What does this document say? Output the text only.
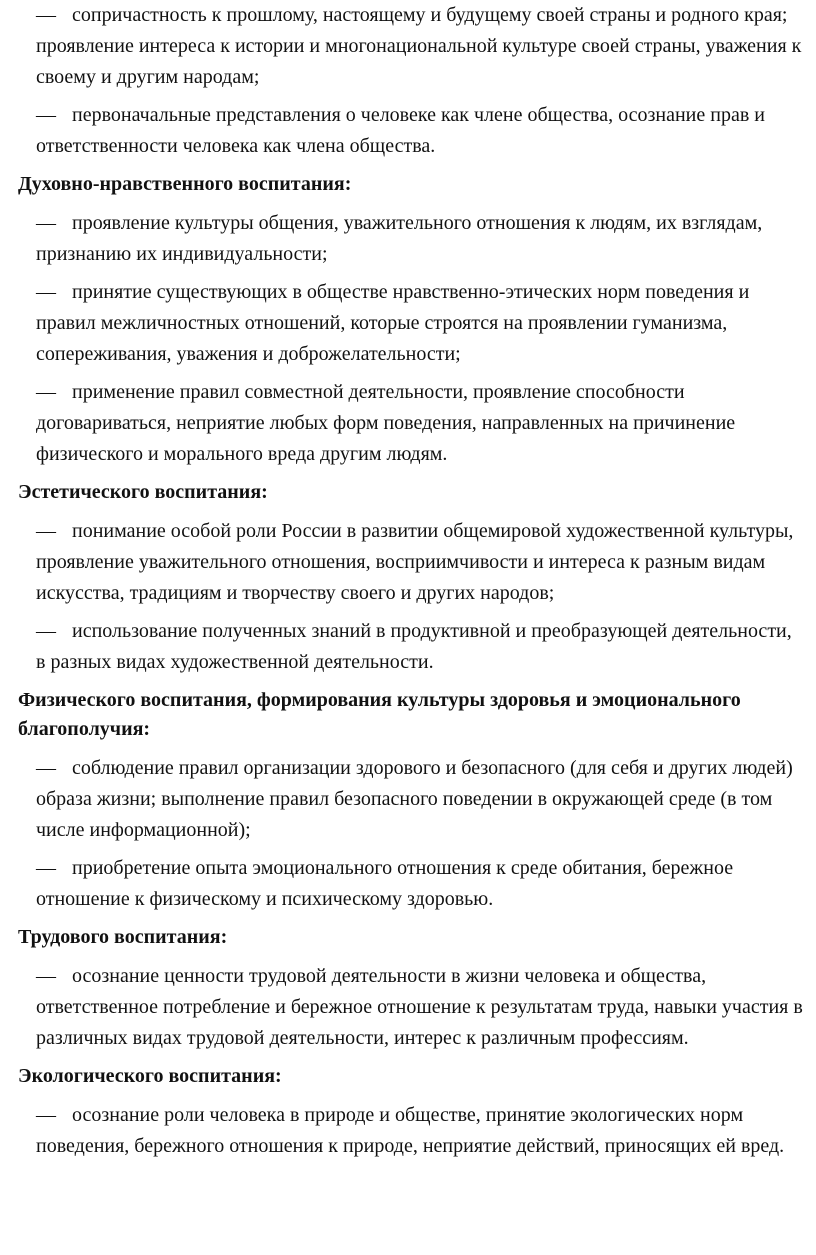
— сопричастность к прошлому, настоящему и будущему своей страны и родного края; проявление интереса к истории и многонациональной культуре своей страны, уважения к своему и другим народам;
— первоначальные представления о человеке как члене общества, осознание прав и ответственности человека как члена общества.
Духовно-нравственного воспитания:
— проявление культуры общения, уважительного отношения к людям, их взглядам, признанию их индивидуальности;
— принятие существующих в обществе нравственно-этических норм поведения и правил межличностных отношений, которые строятся на проявлении гуманизма, сопереживания, уважения и доброжелательности;
— применение правил совместной деятельности, проявление способности договариваться, неприятие любых форм поведения, направленных на причинение физического и морального вреда другим людям.
Эстетического воспитания:
— понимание особой роли России в развитии общемировой художественной культуры, проявление уважительного отношения, восприимчивости и интереса к разным видам искусства, традициям и творчеству своего и других народов;
— использование полученных знаний в продуктивной и преобразующей деятельности, в разных видах художественной деятельности.
Физического воспитания, формирования культуры здоровья и эмоционального благополучия:
— соблюдение правил организации здорового и безопасного (для себя и других людей) образа жизни; выполнение правил безопасного поведении в окружающей среде (в том числе информационной);
— приобретение опыта эмоционального отношения к среде обитания, бережное отношение к физическому и психическому здоровью.
Трудового воспитания:
— осознание ценности трудовой деятельности в жизни человека и общества, ответственное потребление и бережное отношение к результатам труда, навыки участия в различных видах трудовой деятельности, интерес к различным профессиям.
Экологического воспитания:
— осознание роли человека в природе и обществе, принятие экологических норм поведения, бережного отношения к природе, неприятие действий, приносящих ей вред.
